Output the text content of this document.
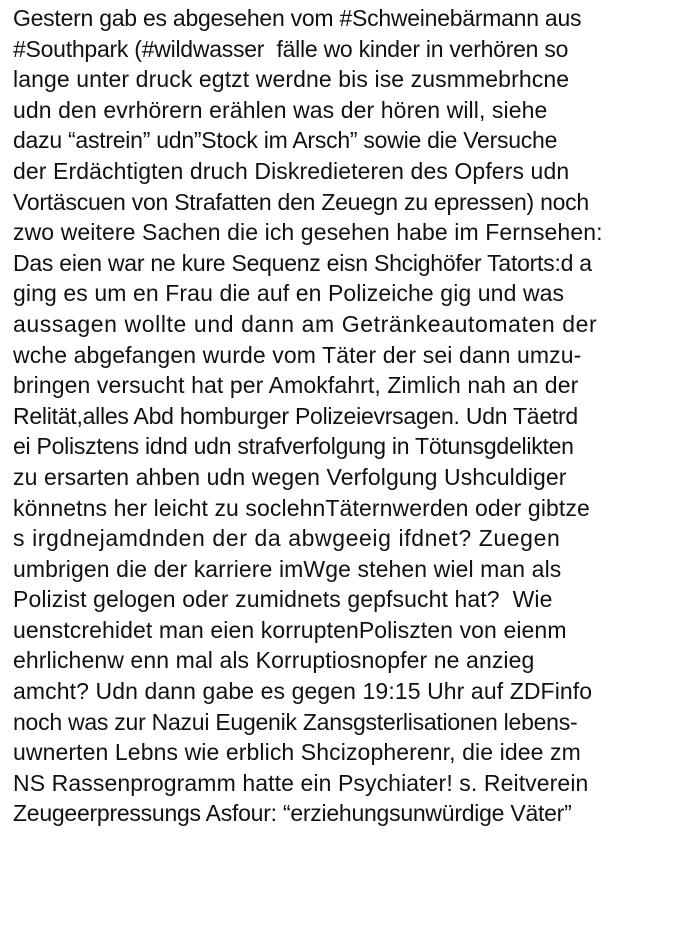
Gestern gab es abgesehen vom #Schweinebärmann aus
#Southpark (#wildwasser  fälle wo kinder in verhören so
lange unter druck egtzt werdne bis ise zusmmebrhcne
udn den evrhörern erählen was der hören will, siehe
dazu “astrein” udn”Stock im Arsch” sowie die Versuche
der Erdächtigten druch Diskredieteren des Opfers udn
Vortäscuen von Strafatten den Zeuegn zu epressen) noch
zwo weitere Sachen die ich gesehen habe im Fernsehen:
Das eien war ne kure Sequenz eisn Shcighöfer Tatorts:d a
ging es um en Frau die auf en Polizeiche gig und was
aussagen wollte und dann am Getränkeautomaten der
wche abgefangen wurde vom Täter der sei dann umzu-
bringen versucht hat per Amokfahrt, Zimlich nah an der
Relität,alles Abd homburger Polizeievrsagen. Udn Täetrd
ei Polisztens idnd udn strafverfolgung in Tötunsgdelikten
zu ersarten ahben udn wegen Verfolgung Ushculdiger
könnetns her leicht zu soclehnTäternwerden oder gibtze
s irgdnejamdnden der da abwgeeig ifdnet? Zuegen
umbrigen die der karriere imWge stehen wiel man als
Polizist gelogen oder zumidnets gepfsucht hat?  Wie
uenstcrehidet man eien korruptenPoliszten von eienm
ehrlichenw enn mal als Korruptiosnopfer ne anzieg
amcht? Udn dann gabe es gegen 19:15 Uhr auf ZDFinfo
noch was zur Nazui Eugenik Zansgsterlisationen lebens-
uwnerten Lebns wie erblich Shcizopherenr, die idee zm
NS Rassenprogramm hatte ein Psychiater! s. Reitverein
Zeugeerpressungs Asfour: “erziehungsunwürdige Väter”
